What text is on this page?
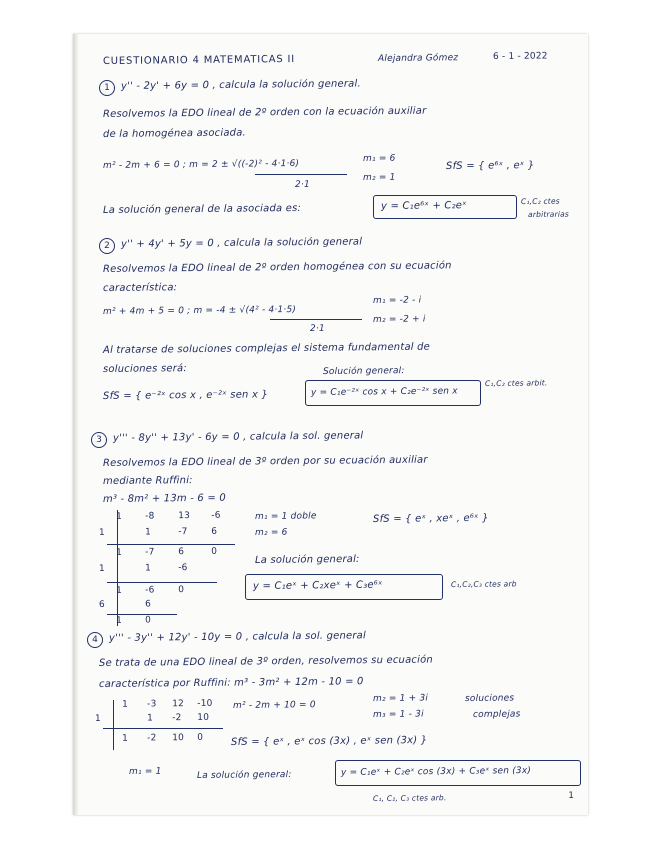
CUESTIONARIO 4 MATEMATICAS II	Alejandra Gómez	6 - 1 - 2022
1	y'' - 2y' + 6y = 0 , calcula la solución general.
Resolvemos la EDO lineal de 2º orden con la ecuación auxiliar
de la homogénea asociada.
m² - 2m + 6 = 0 ; m = 2 ± √((-2)² - 4·1·6)
2·1
m₁ = 6
m₂ = 1
SfS = { e⁶ˣ , eˣ }
La solución general de la asociada es:	y = C₁e⁶ˣ + C₂eˣ	C₁,C₂ ctes
arbitrarias
2	y'' + 4y' + 5y = 0 , calcula la solución general
Resolvemos la EDO lineal de 2º orden homogénea con su ecuación
característica:
m² + 4m + 5 = 0 ; m = -4 ± √(4² - 4·1·5)
2·1
m₁ = -2 - i
m₂ = -2 + i
Al tratarse de soluciones complejas el sistema fundamental de
soluciones será:
SfS = { e⁻²ˣ cos x , e⁻²ˣ sen x }
Solución general:
y = C₁e⁻²ˣ cos x + C₂e⁻²ˣ sen x
C₁,C₂ ctes arbit.
3	y''' - 8y'' + 13y' - 6y = 0 , calcula la sol. general
Resolvemos la EDO lineal de 3º orden por su ecuación auxiliar
mediante Ruffini:
m³ - 8m² + 13m - 6 = 0
1	-8	13 -6
1	1	-7	6
1	-7	6	0
1	1	-6
1	-6	0
6	6
1	0
m₁ = 1 doble
m₂ = 6
SfS = { eˣ , xeˣ , e⁶ˣ }
La solución general:
y = C₁eˣ + C₂xeˣ + C₃e⁶ˣ	C₁,C₂,C₃ ctes arb
4	y''' - 3y'' + 12y' - 10y = 0 , calcula la sol. general
Se trata de una EDO lineal de 3º orden, resolvemos su ecuación
característica por Ruffini: m³ - 3m² + 12m - 10 = 0
1 -3 12 -10
1	1 -2 10
1 -2 10 0
m² - 2m + 10 = 0
m₂ = 1 + 3i
m₃ = 1 - 3i
soluciones
complejas
SfS = { eˣ , eˣ cos (3x) , eˣ sen (3x) }
m₁ = 1	La solución general:	y = C₁eˣ + C₂eˣ cos (3x) + C₃eˣ sen (3x)
C₁, C₂, C₃ ctes arb.	1
